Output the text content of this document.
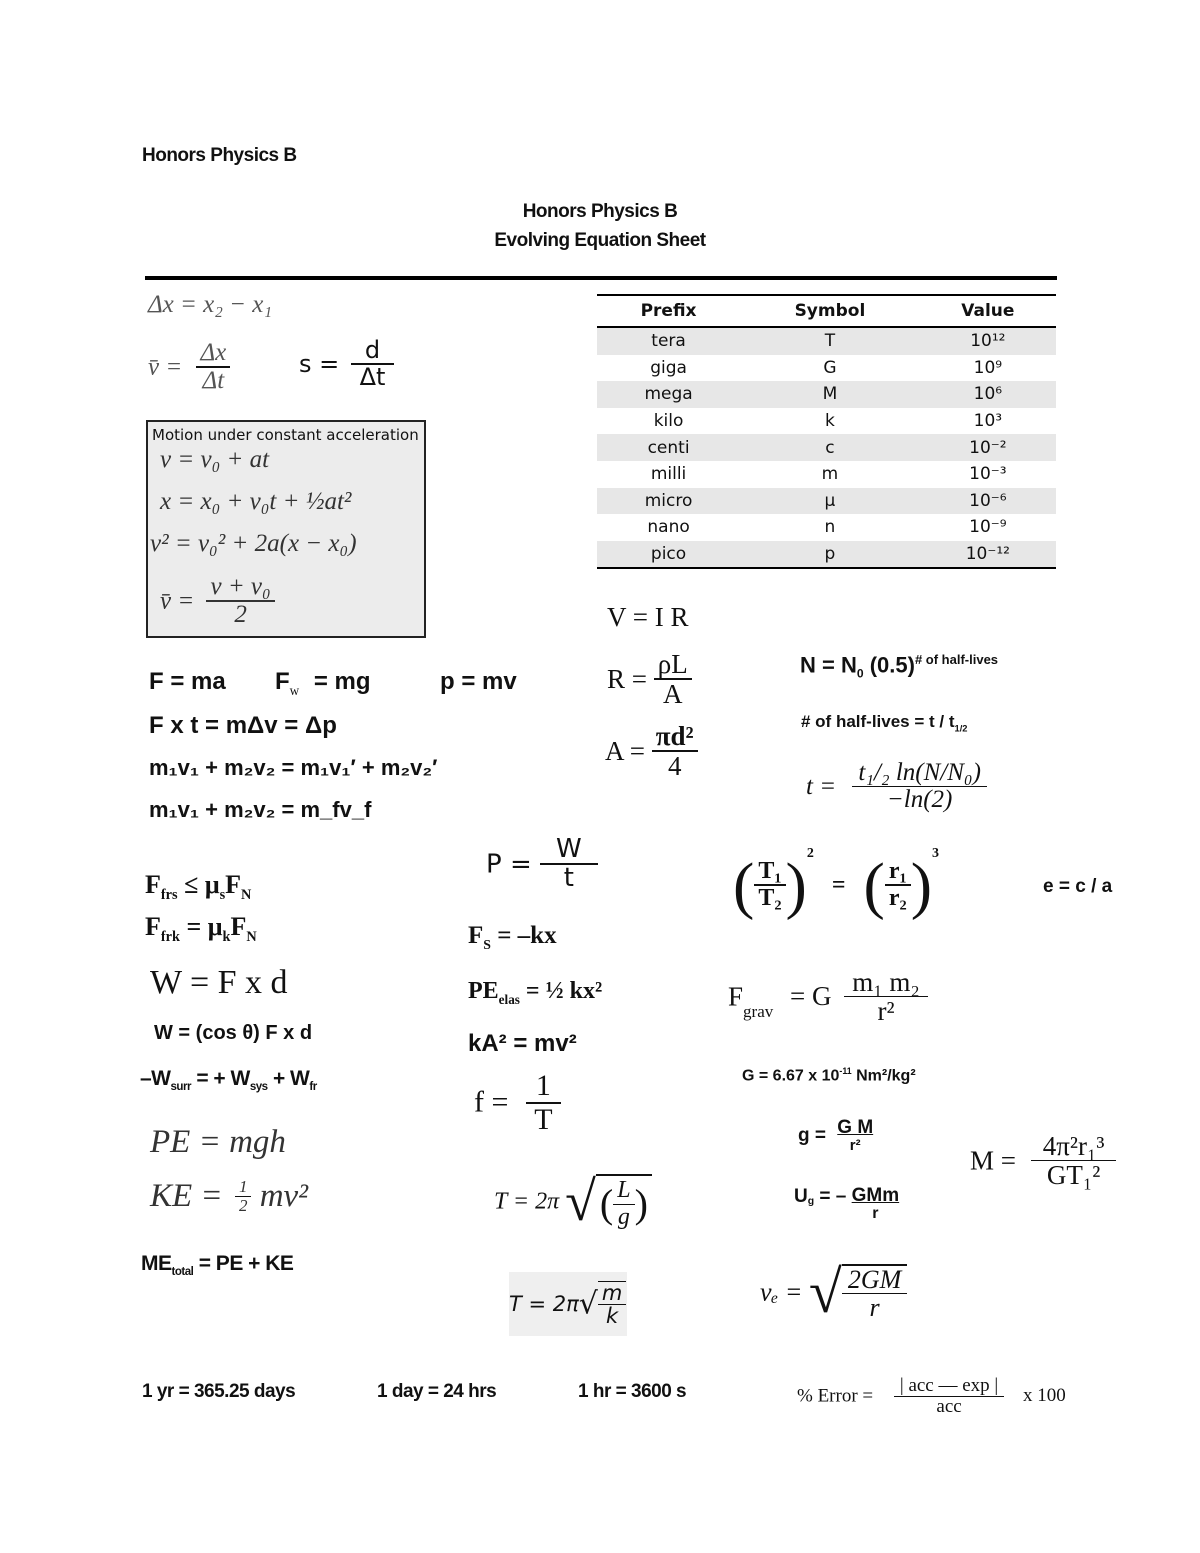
Honors Physics B
Honors Physics B
Evolving Equation Sheet
Δx = x₂ − x₁
v̄ = $\frac{\Delta x}{\Delta t}$	$s = \frac{d}{\Delta t}$
Motion under constant acceleration
v = v₀ + at
x = x₀ + v₀t + ½at²
v² = v₀² + 2a(x − x₀)
v̄ = $\frac{\text{v + v₀}}{2}$
Prefix	Symbol	Value
tera	T	10¹²
giga	G	10⁹
mega	M	10⁶
kilo	k	10³
centi	c	10⁻²
milli	m	10⁻³
micro	µ	10⁻⁶
nano	n	10⁻⁹
pico	p	10⁻¹²
F = ma $F_w$ = mg	p = mv
F x t = mΔv = Δp
m₁v₁ + m₂v₂ = m₁v₁′ + m₂v₂′
m₁v₁ + m₂v₂ = m_fv_f
$F_{frs} \le \mu_sF_N$
$F_{frk} = \mu_kF_N$
W = F x d
W = (cos θ) F x d
$-W_{surr}$ = + $W_{sys} + W_{fr}$
PE = mgh
KE = $\frac{1}{2} mv^2$
$ME_{total}$ = PE + KE
$P = \frac{W}{t}$
$F_S = -kx$
$PE_{elas}$ = ½ kx²
kA² = mv²
$f = \frac{1}{T}$
T = 2π √ ( $\frac{L}{g}$ )
$T = 2\pi√ \frac{m}{k}$
V = I R
$R = \frac{\rho L}{A}$
$A = \frac{\text{πd²}}{4}$
$N = N_0$ $(0.5)^{\# of half-lives}$
# of half-lives = t / $t_{1/2}$
$t = \frac{\text{t₁/₂ ln(N/N₀)}}{-\ln(2)}$
( $\frac{\text{T₁}}{\text{T₂}} )^2$ = ( $\frac{\text{r₁}}{\text{r₂}} )^3$
e = c / a
$F_{grav} = G \frac{\text{m₁ m₂}}{\text{r²}}$
G = 6.67 x $10^{-11}$ Nm²/kg²
$g = \frac{\text{G M}}{\text{r²}}$
$M = \frac{\text{4π²r₁³}}{\text{GT₁²}}$
$U_g$ = – $\frac{\text{GMm}}{r}$
vₑ = √ $\frac{2GM}{r}$
1 yr = 365.25 days	1 day = 24 hrs	1 hr = 3600 s	% Error = $\frac{\text{| acc — exp |}}{\text{acc}}$ x 100
